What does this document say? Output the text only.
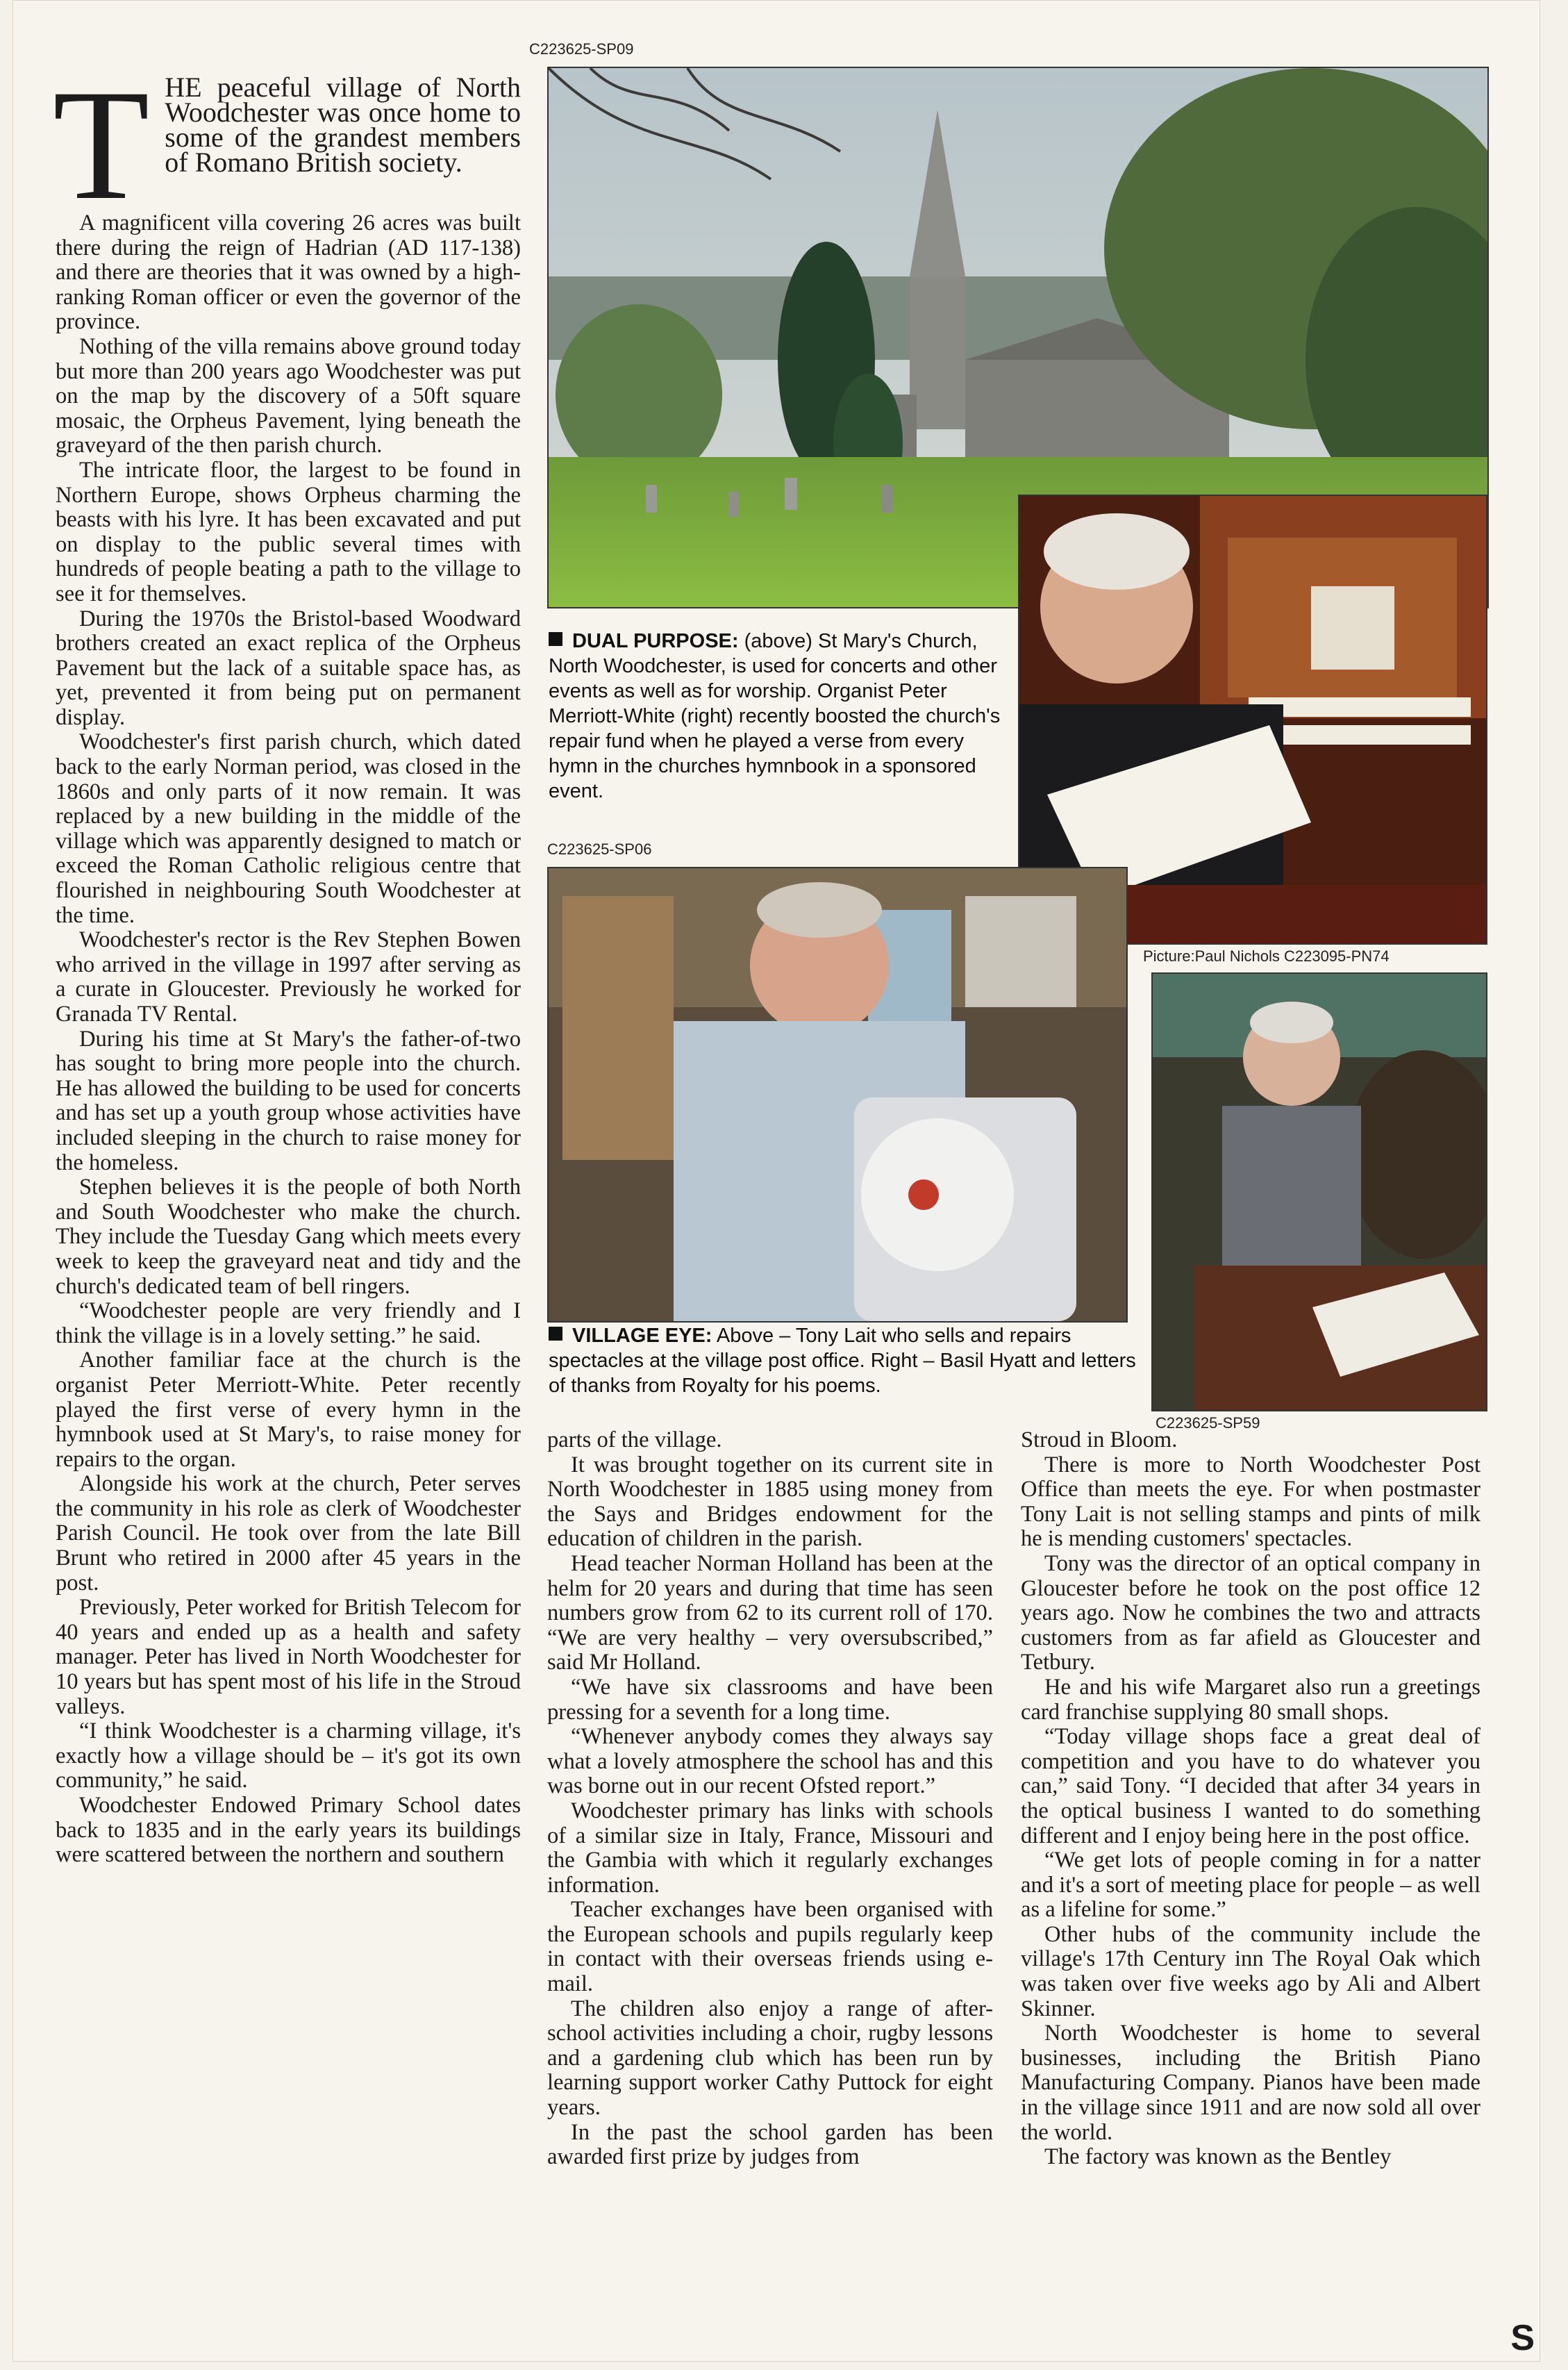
T HE peaceful village of North Woodchester was once home to some of the grandest members of Romano British society.

A magnificent villa covering 26 acres was built there during the reign of Hadrian (AD 117-138) and there are theories that it was owned by a high-ranking Roman officer or even the governor of the province.

Nothing of the villa remains above ground today but more than 200 years ago Woodchester was put on the map by the discovery of a 50ft square mosaic, the Orpheus Pavement, lying beneath the graveyard of the then parish church.

The intricate floor, the largest to be found in Northern Europe, shows Orpheus charming the beasts with his lyre. It has been excavated and put on display to the public several times with hundreds of people beating a path to the village to see it for themselves.

During the 1970s the Bristol-based Woodward brothers created an exact replica of the Orpheus Pavement but the lack of a suitable space has, as yet, prevented it from being put on permanent display.

Woodchester's first parish church, which dated back to the early Norman period, was closed in the 1860s and only parts of it now remain. It was replaced by a new building in the middle of the village which was apparently designed to match or exceed the Roman Catholic religious centre that flourished in neighbouring South Woodchester at the time.

Woodchester's rector is the Rev Stephen Bowen who arrived in the village in 1997 after serving as a curate in Gloucester. Previously he worked for Granada TV Rental.

During his time at St Mary's the father-of-two has sought to bring more people into the church. He has allowed the building to be used for concerts and has set up a youth group whose activities have included sleeping in the church to raise money for the homeless.

Stephen believes it is the people of both North and South Woodchester who make the church. They include the Tuesday Gang which meets every week to keep the graveyard neat and tidy and the church's dedicated team of bell ringers.

“Woodchester people are very friendly and I think the village is in a lovely setting.” he said.

Another familiar face at the church is the organist Peter Merriott-White. Peter recently played the first verse of every hymn in the hymnbook used at St Mary's, to raise money for repairs to the organ.

Alongside his work at the church, Peter serves the community in his role as clerk of Woodchester Parish Council. He took over from the late Bill Brunt who retired in 2000 after 45 years in the post.

Previously, Peter worked for British Telecom for 40 years and ended up as a health and safety manager. Peter has lived in North Woodchester for 10 years but has spent most of his life in the Stroud valleys.

“I think Woodchester is a charming village, it's exactly how a village should be – it's got its own community,” he said.

Woodchester Endowed Primary School dates back to 1835 and in the early years its buildings were scattered between the northern and southern

C223625-SP09
DUAL PURPOSE: (above) St Mary's Church, North Woodchester, is used for concerts and other events as well as for worship. Organist Peter Merriott-White (right) recently boosted the church's repair fund when he played a verse from every hymn in the churches hymnbook in a sponsored event.
C223625-SP06
Picture:Paul Nichols C223095-PN74
VILLAGE EYE: Above – Tony Lait who sells and repairs spectacles at the village post office. Right – Basil Hyatt and letters of thanks from Royalty for his poems.
C223625-SP59

parts of the village.

It was brought together on its current site in North Woodchester in 1885 using money from the Says and Bridges endowment for the education of children in the parish.

Head teacher Norman Holland has been at the helm for 20 years and during that time has seen numbers grow from 62 to its current roll of 170. “We are very healthy – very oversubscribed,” said Mr Holland.

“We have six classrooms and have been pressing for a seventh for a long time.

“Whenever anybody comes they always say what a lovely atmosphere the school has and this was borne out in our recent Ofsted report.”

Woodchester primary has links with schools of a similar size in Italy, France, Missouri and the Gambia with which it regularly exchanges information.

Teacher exchanges have been organised with the European schools and pupils regularly keep in contact with their overseas friends using e-mail.

The children also enjoy a range of after-school activities including a choir, rugby lessons and a gardening club which has been run by learning support worker Cathy Puttock for eight years.

In the past the school garden has been awarded first prize by judges from

Stroud in Bloom.

There is more to North Woodchester Post Office than meets the eye. For when postmaster Tony Lait is not selling stamps and pints of milk he is mending customers' spectacles.

Tony was the director of an optical company in Gloucester before he took on the post office 12 years ago. Now he combines the two and attracts customers from as far afield as Gloucester and Tetbury.

He and his wife Margaret also run a greetings card franchise supplying 80 small shops.

“Today village shops face a great deal of competition and you have to do whatever you can,” said Tony. “I decided that after 34 years in the optical business I wanted to do something different and I enjoy being here in the post office.

“We get lots of people coming in for a natter and it's a sort of meeting place for people – as well as a lifeline for some.”

Other hubs of the community include the village's 17th Century inn The Royal Oak which was taken over five weeks ago by Ali and Albert Skinner.

North Woodchester is home to several businesses, including the British Piano Manufacturing Company. Pianos have been made in the village since 1911 and are now sold all over the world.

The factory was known as the Bentley

S
